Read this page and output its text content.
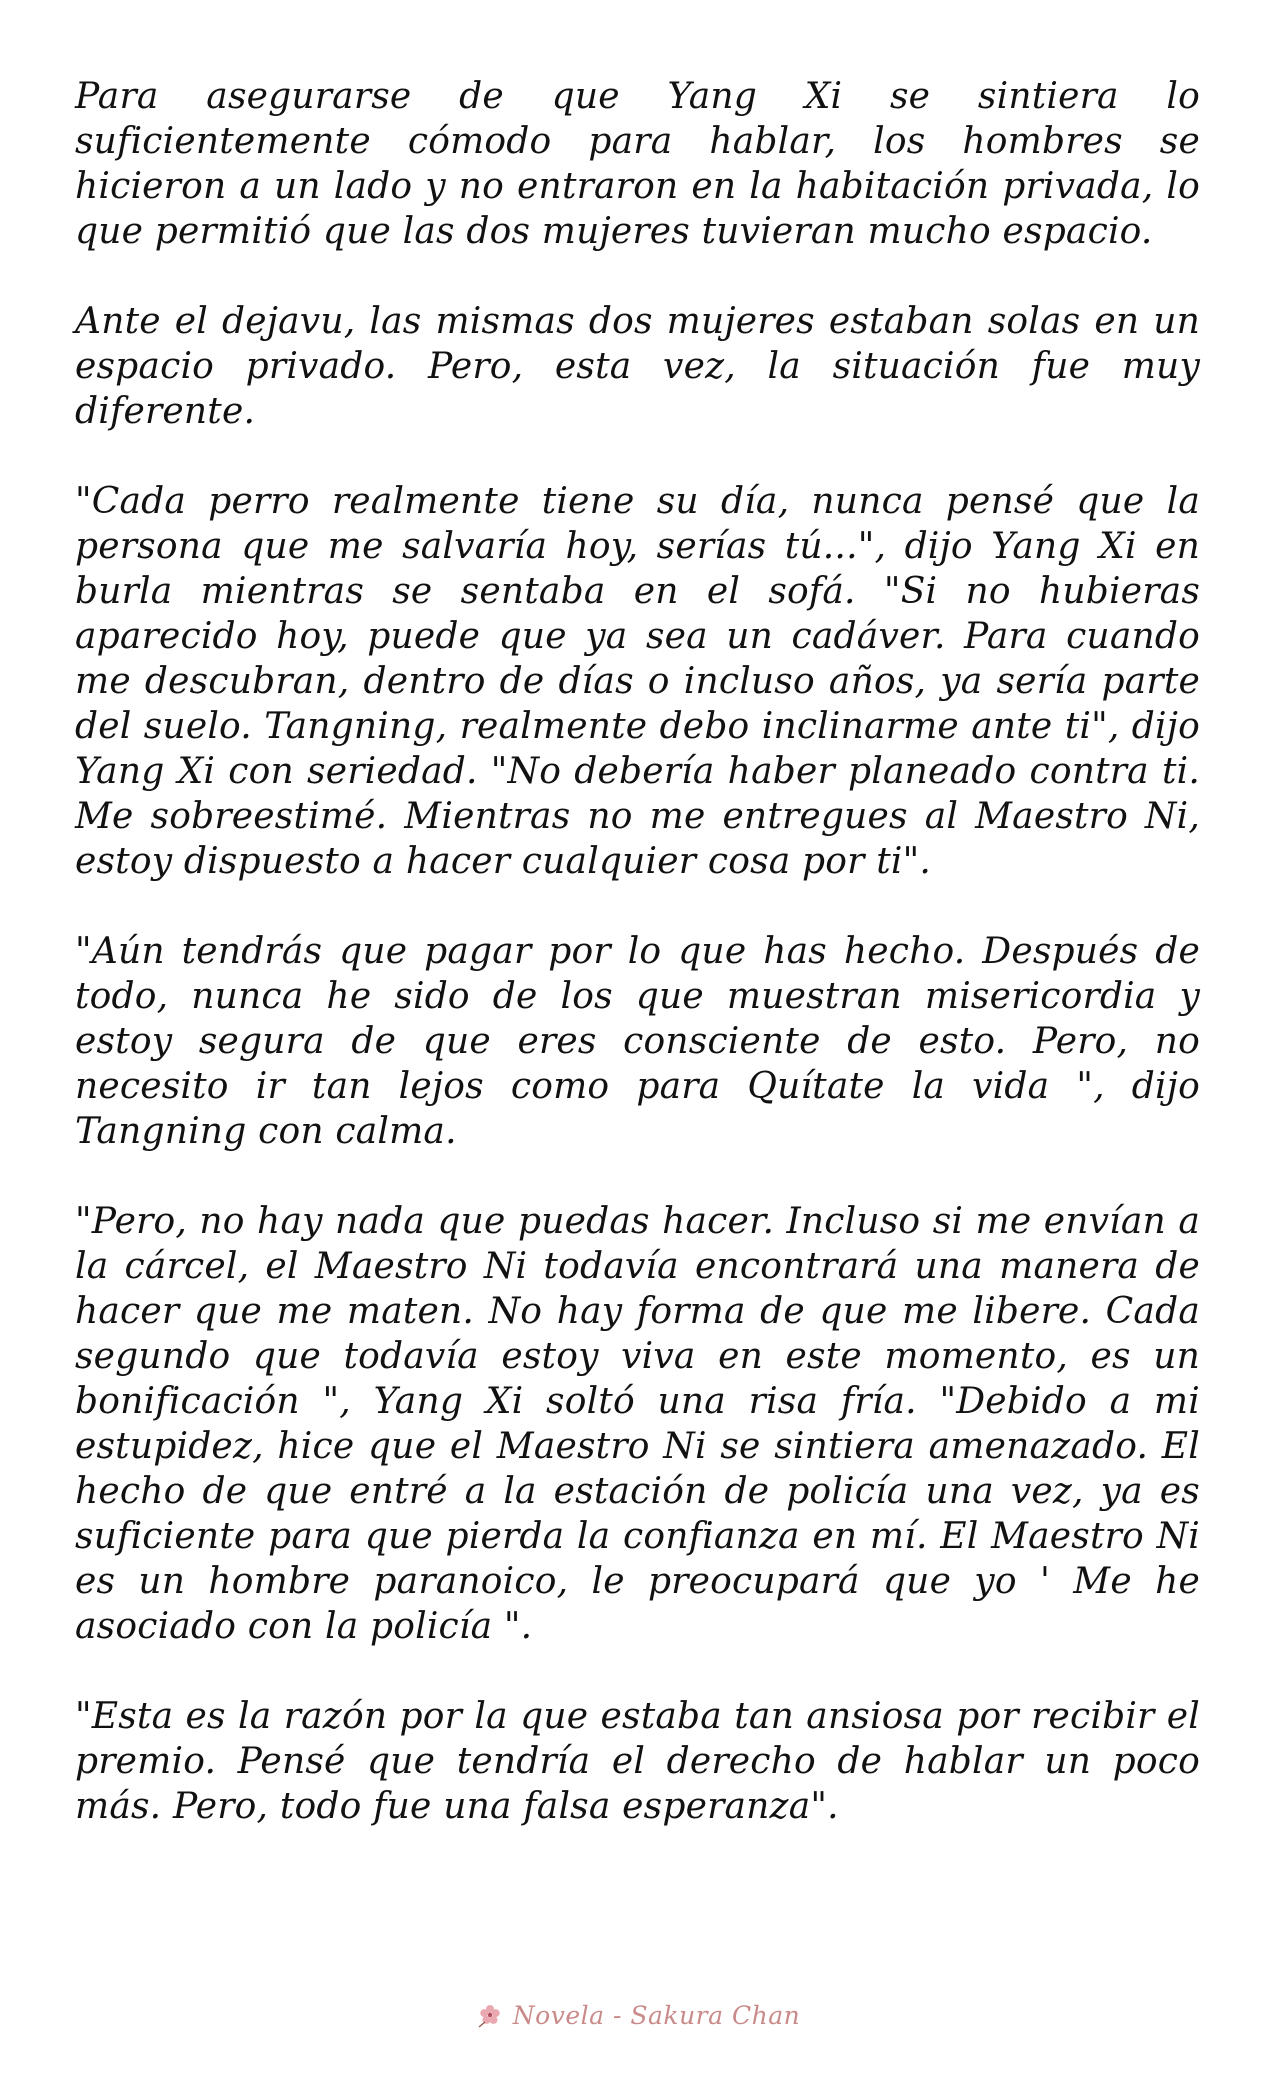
Para asegurarse de que Yang Xi se sintiera lo suficientemente cómodo para hablar, los hombres se hicieron a un lado y no entraron en la habitación privada, lo que permitió que las dos mujeres tuvieran mucho espacio.

Ante el dejavu, las mismas dos mujeres estaban solas en un espacio privado. Pero, esta vez, la situación fue muy diferente.

"Cada perro realmente tiene su día, nunca pensé que la persona que me salvaría hoy, serías tú...", dijo Yang Xi en burla mientras se sentaba en el sofá. "Si no hubieras aparecido hoy, puede que ya sea un cadáver. Para cuando me descubran, dentro de días o incluso años, ya sería parte del suelo. Tangning, realmente debo inclinarme ante ti", dijo Yang Xi con seriedad. "No debería haber planeado contra ti. Me sobreestimé. Mientras no me entregues al Maestro Ni, estoy dispuesto a hacer cualquier cosa por ti".

"Aún tendrás que pagar por lo que has hecho. Después de todo, nunca he sido de los que muestran misericordia y estoy segura de que eres consciente de esto. Pero, no necesito ir tan lejos como para Quítate la vida ", dijo Tangning con calma.

"Pero, no hay nada que puedas hacer. Incluso si me envían a la cárcel, el Maestro Ni todavía encontrará una manera de hacer que me maten. No hay forma de que me libere. Cada segundo que todavía estoy viva en este momento, es un bonificación ", Yang Xi soltó una risa fría. "Debido a mi estupidez, hice que el Maestro Ni se sintiera amenazado. El hecho de que entré a la estación de policía una vez, ya es suficiente para que pierda la confianza en mí. El Maestro Ni es un hombre paranoico, le preocupará que yo ' Me he asociado con la policía ".

"Esta es la razón por la que estaba tan ansiosa por recibir el premio. Pensé que tendría el derecho de hablar un poco más. Pero, todo fue una falsa esperanza".

Novela - Sakura Chan
